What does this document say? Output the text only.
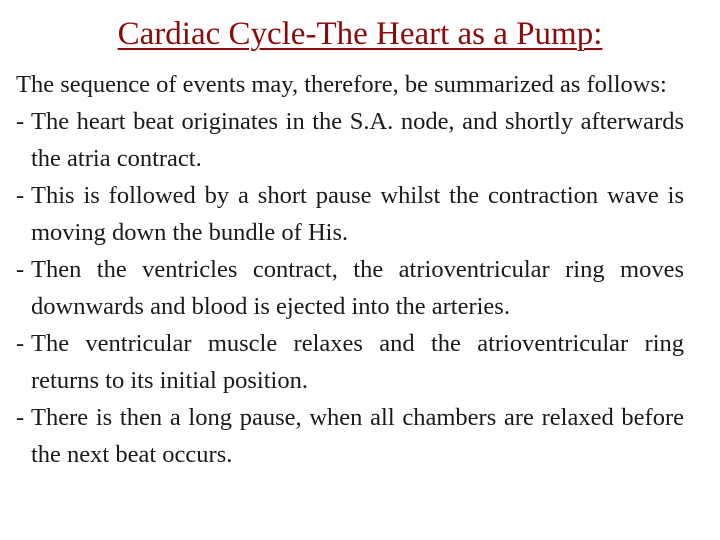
Cardiac Cycle-The Heart as a Pump:

The sequence of events may, therefore, be summarized as follows:

- The heart beat originates in the S.A. node, and shortly afterwards the atria contract.
- This is followed by a short pause whilst the contraction wave is moving down the bundle of His.
- Then the ventricles contract, the atrioventricular ring moves downwards and blood is ejected into the arteries.
- The ventricular muscle relaxes and the atrioventricular ring returns to its initial position.
- There is then a long pause, when all chambers are relaxed before the next beat occurs.
